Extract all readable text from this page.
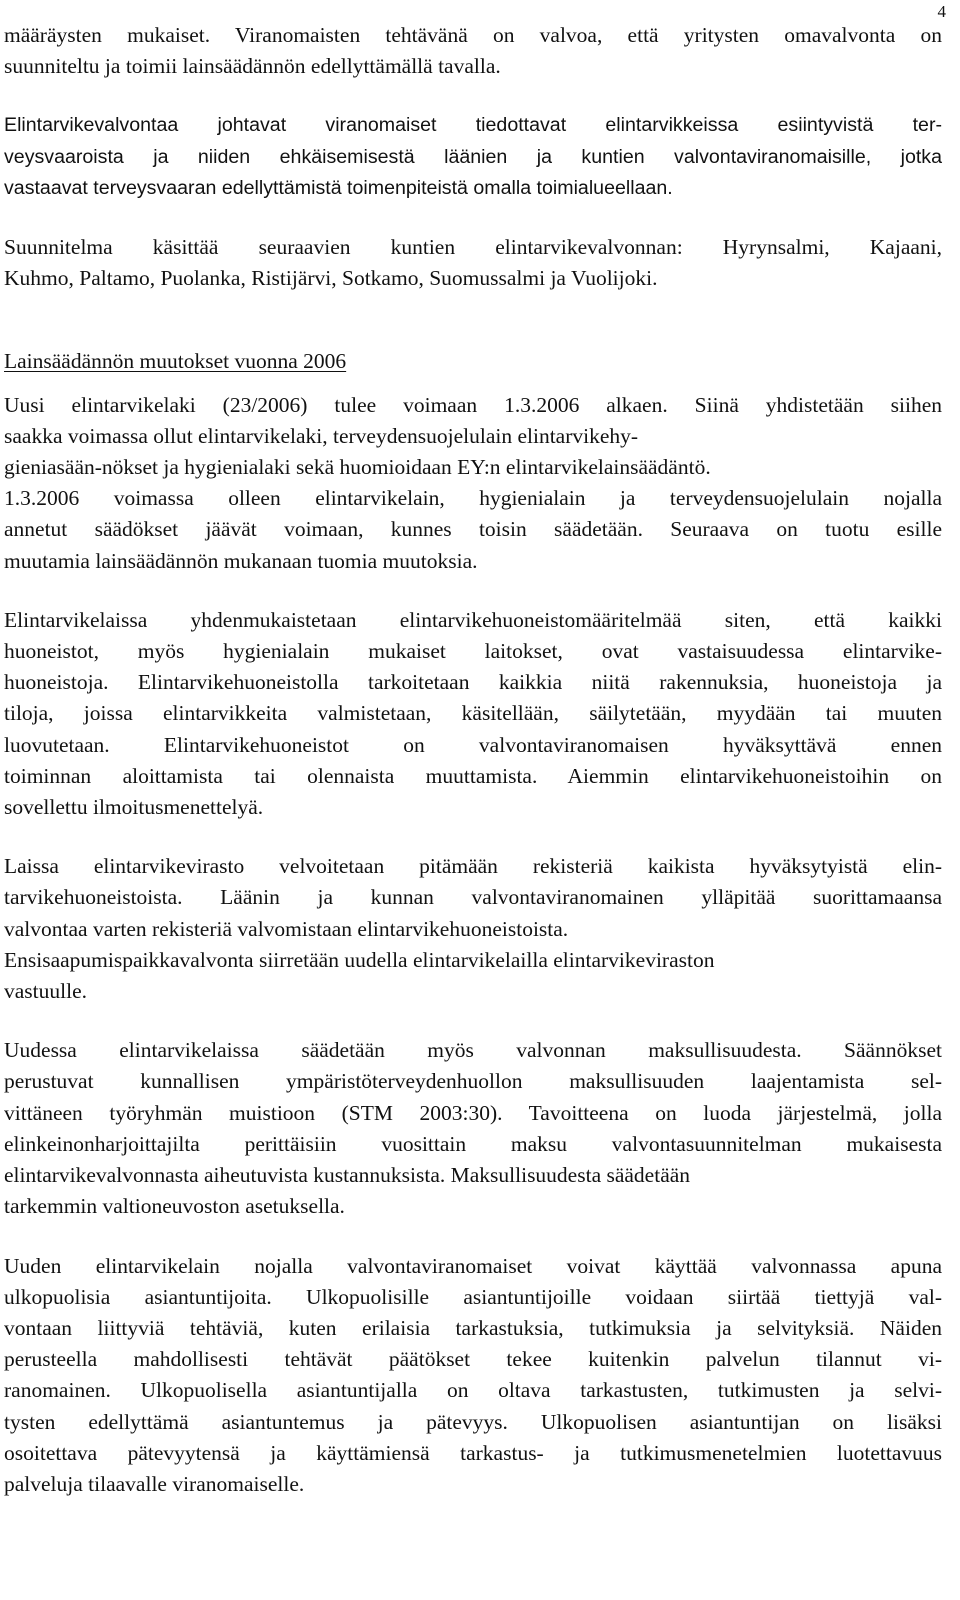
4
määräysten mukaiset. Viranomaisten tehtävänä on valvoa, että yritysten omavalvonta on
suunniteltu ja toimii lainsäädännön edellyttämällä tavalla.
Elintarvikevalvontaa johtavat viranomaiset tiedottavat elintarvikkeissa esiintyvistä ter-
veysvaaroista ja niiden ehkäisemisestä läänien ja kuntien valvontaviranomaisille, jotka
vastaavat terveysvaaran edellyttämistä toimenpiteistä omalla toimialueellaan.
Suunnitelma käsittää seuraavien kuntien elintarvikevalvonnan: Hyrynsalmi, Kajaani,
Kuhmo, Paltamo, Puolanka, Ristijärvi, Sotkamo, Suomussalmi ja Vuolijoki.
Lainsäädännön muutokset vuonna 2006
Uusi elintarvikelaki (23/2006) tulee voimaan 1.3.2006 alkaen. Siinä yhdistetään siihen
saakka voimassa ollut elintarvikelaki, terveydensuojelulain elintarvikehy-
gieniasään-nökset ja hygienialaki sekä huomioidaan EY:n elintarvikelainsäädäntö.
1.3.2006 voimassa olleen elintarvikelain, hygienialain ja terveydensuojelulain nojalla
annetut säädökset jäävät voimaan, kunnes toisin säädetään. Seuraava on tuotu esille
muutamia lainsäädännön mukanaan tuomia muutoksia.
Elintarvikelaissa yhdenmukaistetaan elintarvikehuoneistomääritelmää siten, että kaikki
huoneistot, myös hygienialain mukaiset laitokset, ovat vastaisuudessa elintarvike-
huoneistoja. Elintarvikehuoneistolla tarkoitetaan kaikkia niitä rakennuksia, huoneistoja ja
tiloja, joissa elintarvikkeita valmistetaan, käsitellään, säilytetään, myydään tai muuten
luovutetaan. Elintarvikehuoneistot on valvontaviranomaisen hyväksyttävä ennen
toiminnan aloittamista tai olennaista muuttamista. Aiemmin elintarvikehuoneistoihin on
sovellettu ilmoitusmenettelyä.
Laissa elintarvikevirasto velvoitetaan pitämään rekisteriä kaikista hyväksytyistä elin-
tarvikehuoneistoista. Läänin ja kunnan valvontaviranomainen ylläpitää suorittamaansa
valvontaa varten rekisteriä valvomistaan elintarvikehuoneistoista.
Ensisaapumispaikkavalvonta siirretään uudella elintarvikelailla elintarvikeviraston
vastuulle.
Uudessa elintarvikelaissa säädetään myös valvonnan maksullisuudesta. Säännökset
perustuvat kunnallisen ympäristöterveydenhuollon maksullisuuden laajentamista sel-
vittäneen työryhmän muistioon (STM 2003:30). Tavoitteena on luoda järjestelmä, jolla
elinkeinonharjoittajilta perittäisiin vuosittain maksu valvontasuunnitelman mukaisesta
elintarvikevalvonnasta aiheutuvista kustannuksista. Maksullisuudesta säädetään
tarkemmin valtioneuvoston asetuksella.
Uuden elintarvikelain nojalla valvontaviranomaiset voivat käyttää valvonnassa apuna
ulkopuolisia asiantuntijoita. Ulkopuolisille asiantuntijoille voidaan siirtää tiettyjä val-
vontaan liittyviä tehtäviä, kuten erilaisia tarkastuksia, tutkimuksia ja selvityksiä. Näiden
perusteella mahdollisesti tehtävät päätökset tekee kuitenkin palvelun tilannut vi-
ranomainen. Ulkopuolisella asiantuntijalla on oltava tarkastusten, tutkimusten ja selvi-
tysten edellyttämä asiantuntemus ja pätevyys. Ulkopuolisen asiantuntijan on lisäksi
osoitettava pätevyytensä ja käyttämiensä tarkastus- ja tutkimusmenetelmien luotettavuus
palveluja tilaavalle viranomaiselle.
